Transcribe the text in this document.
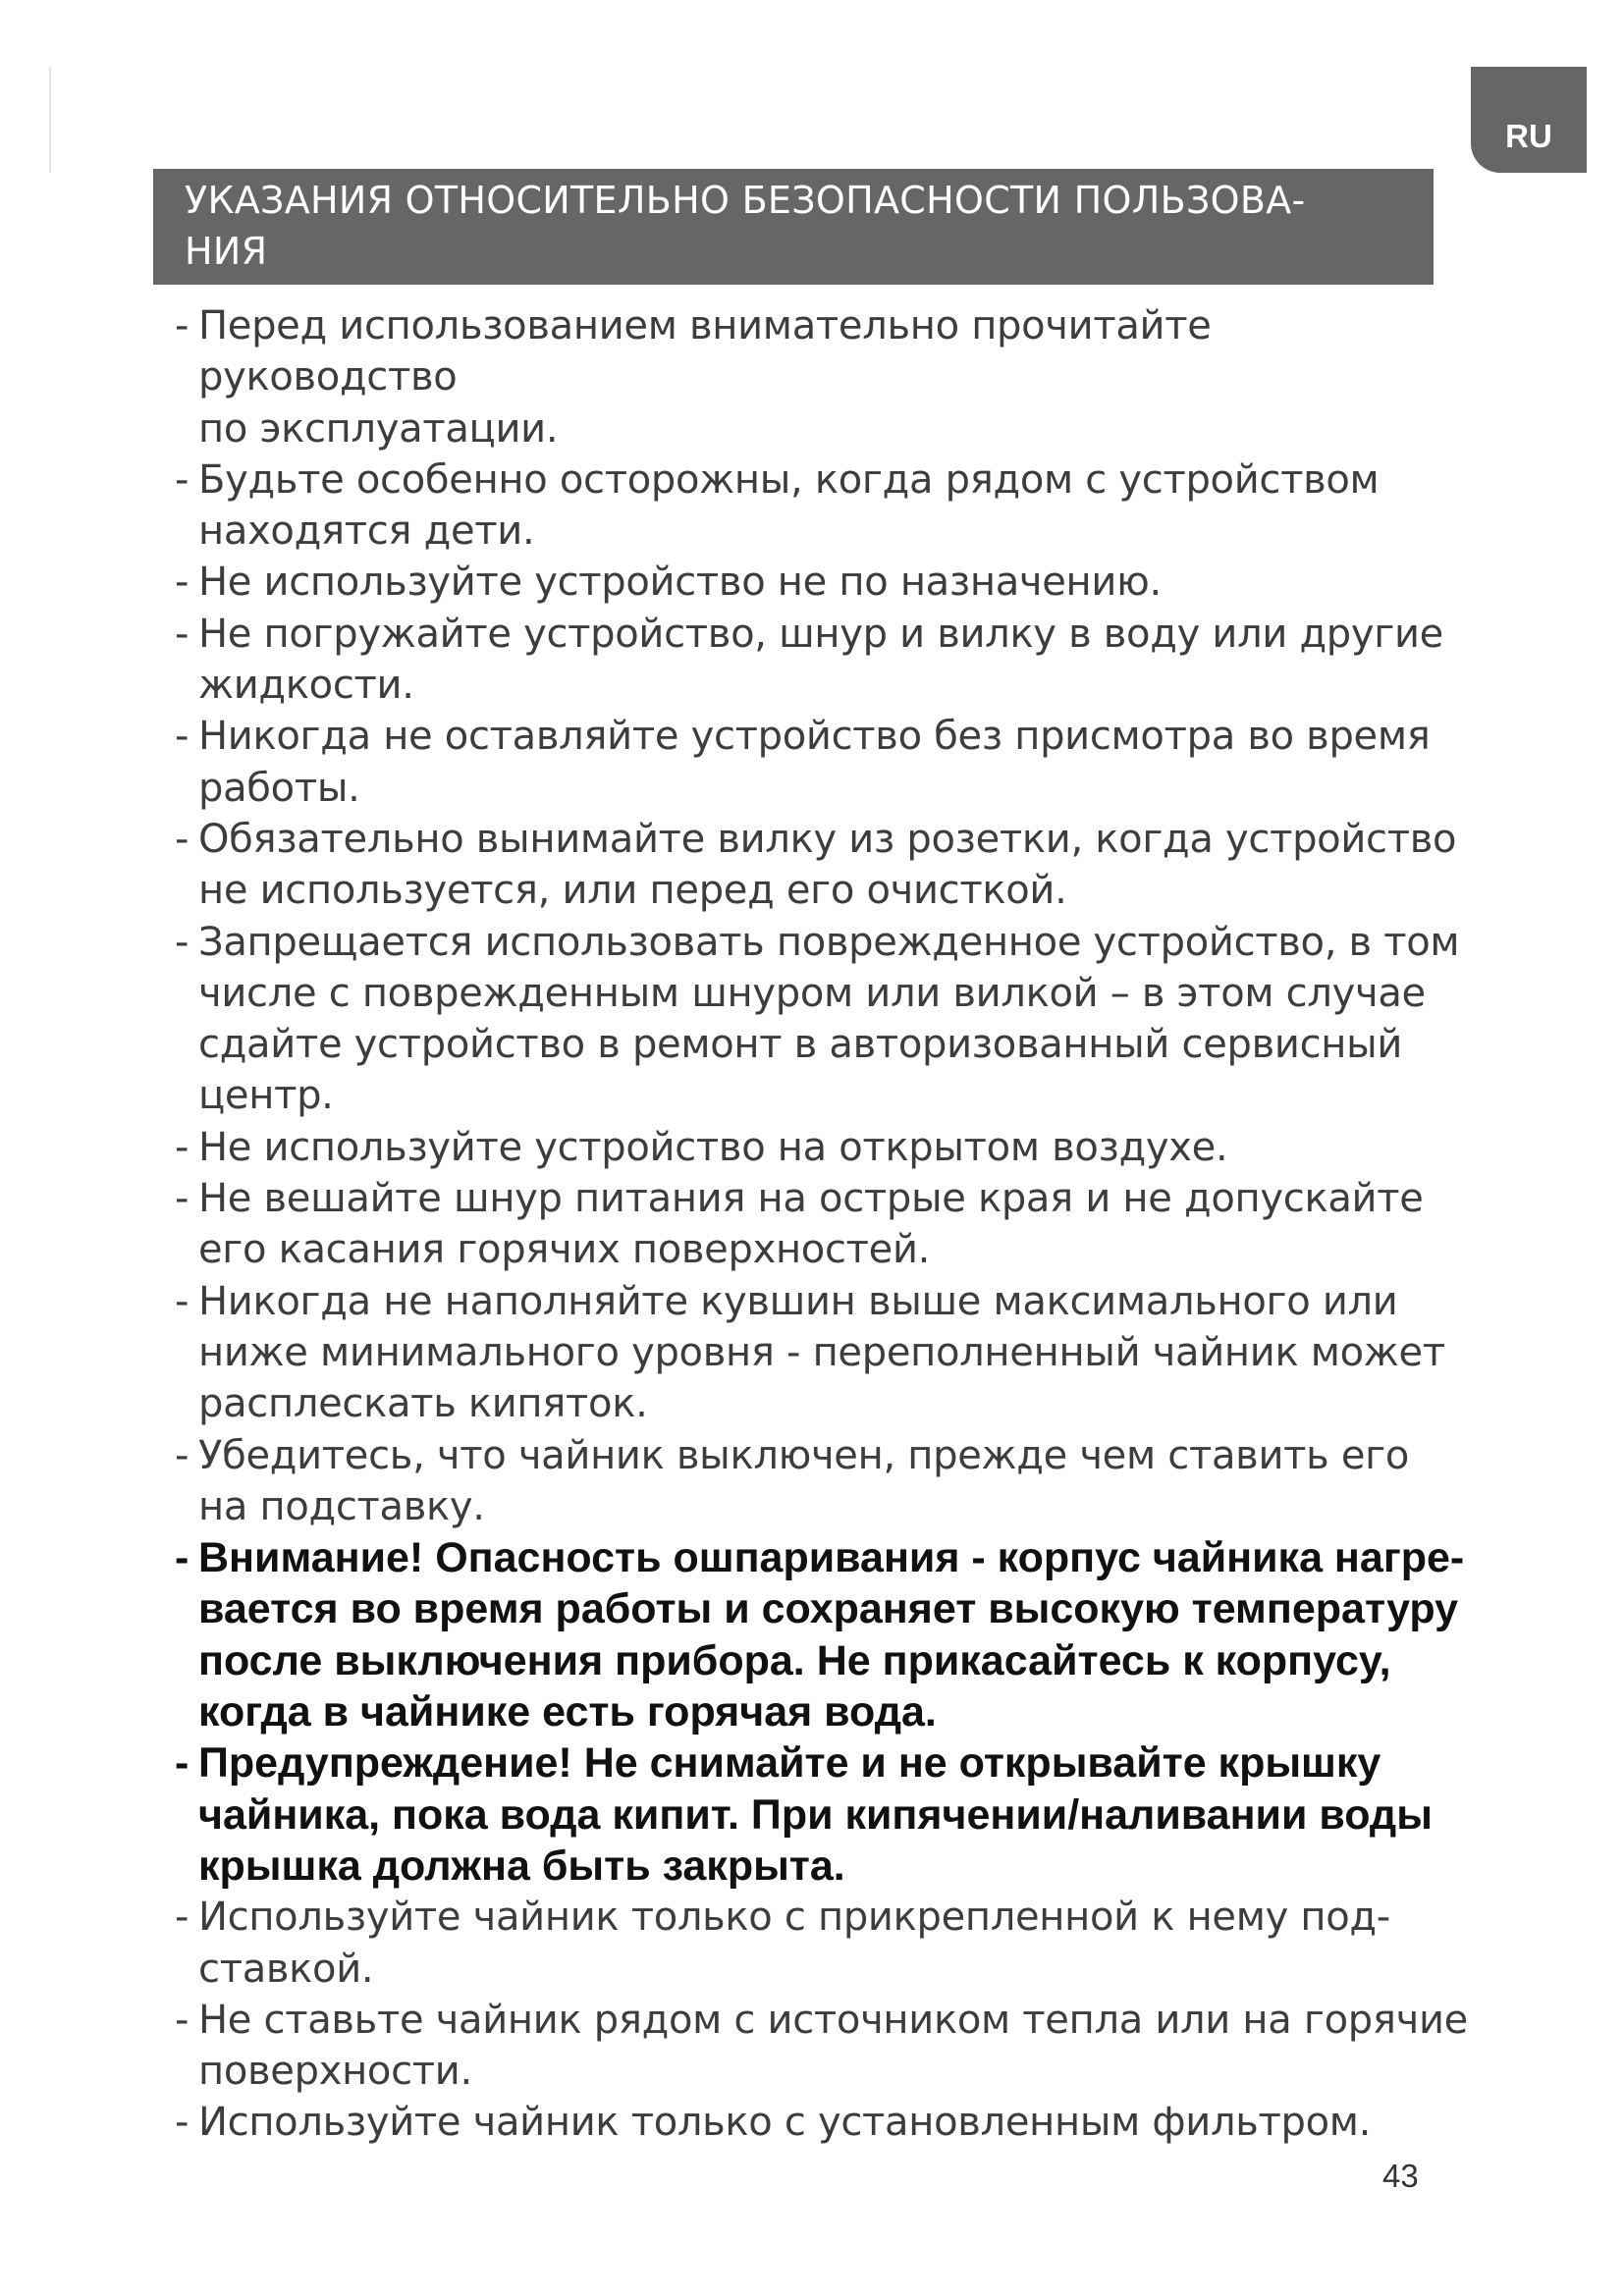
RU
УКАЗАНИЯ ОТНОСИТЕЛЬНО БЕЗОПАСНОСТИ ПОЛЬЗОВА-
НИЯ
- Перед использованием внимательно прочитайте руководство
по эксплуатации.
- Будьте особенно осторожны, когда рядом с устройством
находятся дети.
- Не используйте устройство не по назначению.
- Не погружайте устройство, шнур и вилку в воду или другие
жидкости.
- Никогда не оставляйте устройство без присмотра во время
работы.
- Обязательно вынимайте вилку из розетки, когда устройство
не используется, или перед его очисткой.
- Запрещается использовать поврежденное устройство, в том
числе с поврежденным шнуром или вилкой – в этом случае
сдайте устройство в ремонт в авторизованный сервисный
центр.
- Не используйте устройство на открытом воздухе.
- Не вешайте шнур питания на острые края и не допускайте
его касания горячих поверхностей.
- Никогда не наполняйте кувшин выше максимального или
ниже минимального уровня - переполненный чайник может
расплескать кипяток.
- Убедитесь, что чайник выключен, прежде чем ставить его
на подставку.
- Внимание! Опасность ошпаривания - корпус чайника нагре-
вается во время работы и сохраняет высокую температуру
после выключения прибора. Не прикасайтесь к корпусу,
когда в чайнике есть горячая вода.
- Предупреждение! Не снимайте и не открывайте крышку
чайника, пока вода кипит. При кипячении/наливании воды
крышка должна быть закрыта.
- Используйте чайник только с прикрепленной к нему под-
ставкой.
- Не ставьте чайник рядом с источником тепла или на горячие
поверхности.
- Используйте чайник только с установленным фильтром.
43
